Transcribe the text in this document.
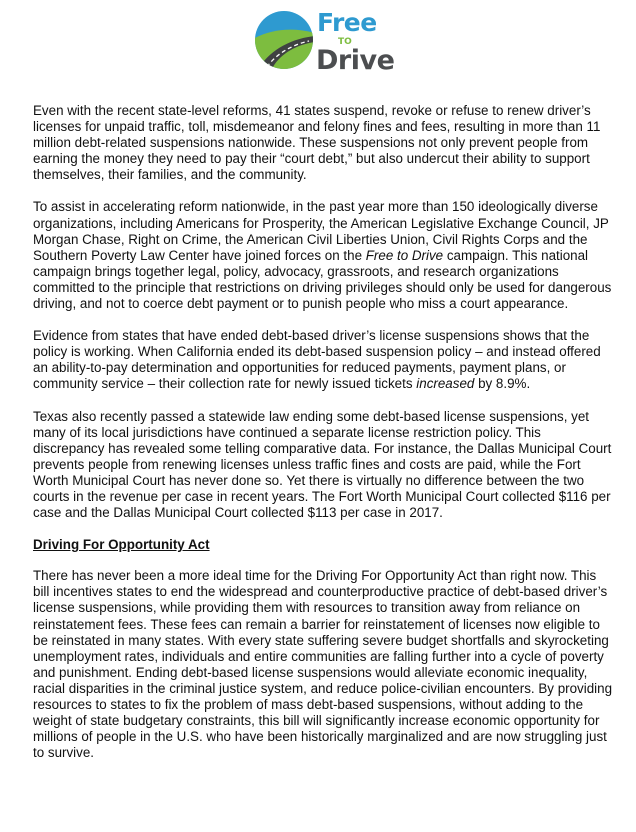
Free
TO
Drive

Even with the recent state-level reforms, 41 states suspend, revoke or refuse to renew driver’s licenses for unpaid traffic, toll, misdemeanor and felony fines and fees, resulting in more than 11 million debt-related suspensions nationwide. These suspensions not only prevent people from earning the money they need to pay their “court debt,” but also undercut their ability to support themselves, their families, and the community.

To assist in accelerating reform nationwide, in the past year more than 150 ideologically diverse organizations, including Americans for Prosperity, the American Legislative Exchange Council, JP Morgan Chase, Right on Crime, the American Civil Liberties Union, Civil Rights Corps and the Southern Poverty Law Center have joined forces on the Free to Drive campaign. This national campaign brings together legal, policy, advocacy, grassroots, and research organizations committed to the principle that restrictions on driving privileges should only be used for dangerous driving, and not to coerce debt payment or to punish people who miss a court appearance.

Evidence from states that have ended debt-based driver’s license suspensions shows that the policy is working. When California ended its debt-based suspension policy – and instead offered an ability-to-pay determination and opportunities for reduced payments, payment plans, or community service – their collection rate for newly issued tickets increased by 8.9%.

Texas also recently passed a statewide law ending some debt-based license suspensions, yet many of its local jurisdictions have continued a separate license restriction policy. This discrepancy has revealed some telling comparative data. For instance, the Dallas Municipal Court prevents people from renewing licenses unless traffic fines and costs are paid, while the Fort Worth Municipal Court has never done so. Yet there is virtually no difference between the two courts in the revenue per case in recent years. The Fort Worth Municipal Court collected $116 per case and the Dallas Municipal Court collected $113 per case in 2017.

Driving For Opportunity Act

There has never been a more ideal time for the Driving For Opportunity Act than right now. This bill incentives states to end the widespread and counterproductive practice of debt-based driver’s license suspensions, while providing them with resources to transition away from reliance on reinstatement fees. These fees can remain a barrier for reinstatement of licenses now eligible to be reinstated in many states. With every state suffering severe budget shortfalls and skyrocketing unemployment rates, individuals and entire communities are falling further into a cycle of poverty and punishment. Ending debt-based license suspensions would alleviate economic inequality, racial disparities in the criminal justice system, and reduce police-civilian encounters. By providing resources to states to fix the problem of mass debt-based suspensions, without adding to the weight of state budgetary constraints, this bill will significantly increase economic opportunity for millions of people in the U.S. who have been historically marginalized and are now struggling just to survive.
